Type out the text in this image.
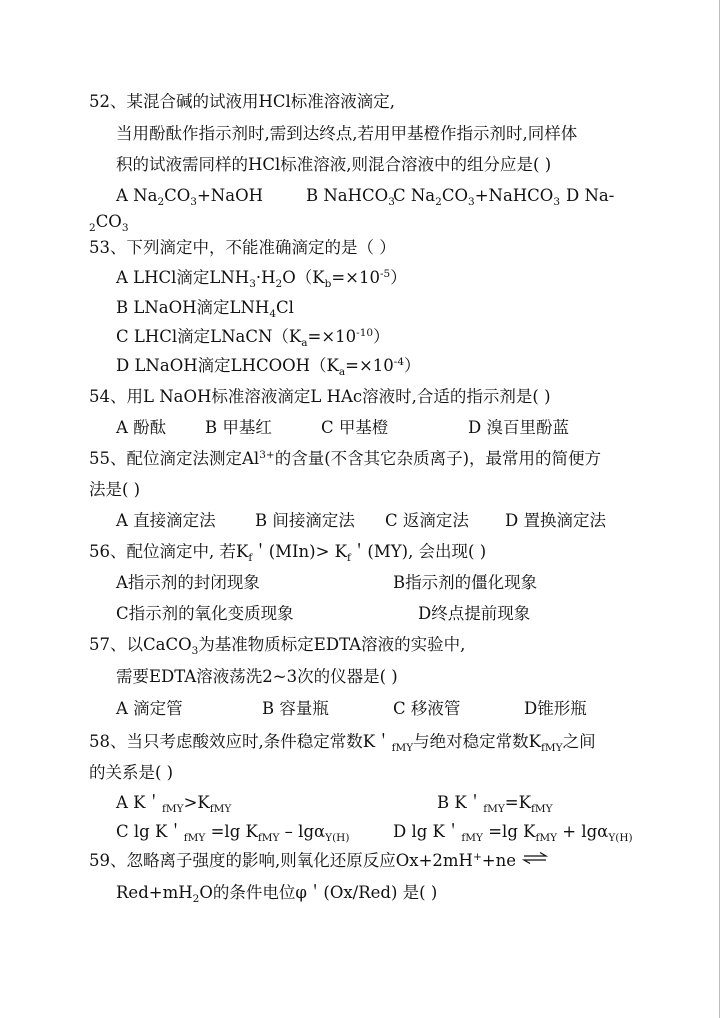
52、某混合碱的试液用HCl标准溶液滴定,
当用酚酞作指示剂时,需到达终点,若用甲基橙作指示剂时,同样体
积的试液需同样的HCl标准溶液,则混合溶液中的组分应是( )
A $Na_2CO_3+NaOH$	B NaHCO$_3$
C $Na_2CO_3+NaHCO_3$ D Na-
$_2CO_3$
53、下列滴定中，不能准确滴定的是（ ）
A LHCl滴定$LNH_3\cdot H_2O(K_b=\times 10^{-5})$
B LNaOH滴定$LNH_4Cl$
C LHCl滴定$LNaCN(K_a=\times 10^{-10})$
D LNaOH滴定$LHCOOH(K_a=\times 10^{-4})$
54、用L NaOH标准溶液滴定L HAc溶液时,合适的指示剂是( )
A 酚酞 B 甲基红	C 甲基橙	D 溴百里酚蓝
55、配位滴定法测定$Al^{3+}$的含量(不含其它杂质离子)，最常用的简便方
法是( )
A 直接滴定法 B 间接滴定法 C 返滴定法 D 置换滴定法
56、配位滴定中, 若$K_f$＇$(MIn)> K_f$＇(MY), 会出现( )
A指示剂的封闭现象	B指示剂的僵化现象
C指示剂的氧化变质现象	D终点提前现象
57、以CaCO$_3$为基准物质标定EDTA溶液的实验中,
需要EDTA溶液荡洗2~3次的仪器是( )
A 滴定管	B 容量瓶	C 移液管	D锥形瓶
58、当只考虑酸效应时,条件稳定常数K＇$_{fMY}$与绝对稳定常数$K_{fMY}$之间
的关系是( )
A K＇$_{fMY}>K_{fMY}$	B K＇$_{fMY}=K_{fMY}$
C lg K＇$_{fMY}$ =lg $K_{fMY} - \lg\alpha_{Y(H)}$	D lg K＇$_{fMY}$ =lg $K_{fMY} + \lg\alpha_{Y(H)}$
59、忽略离子强度的影响,则氧化还原反应Ox+2mH++ne ⇌
$Red+mH_2O$的条件电位φ＇(Ox/Red) 是( )
